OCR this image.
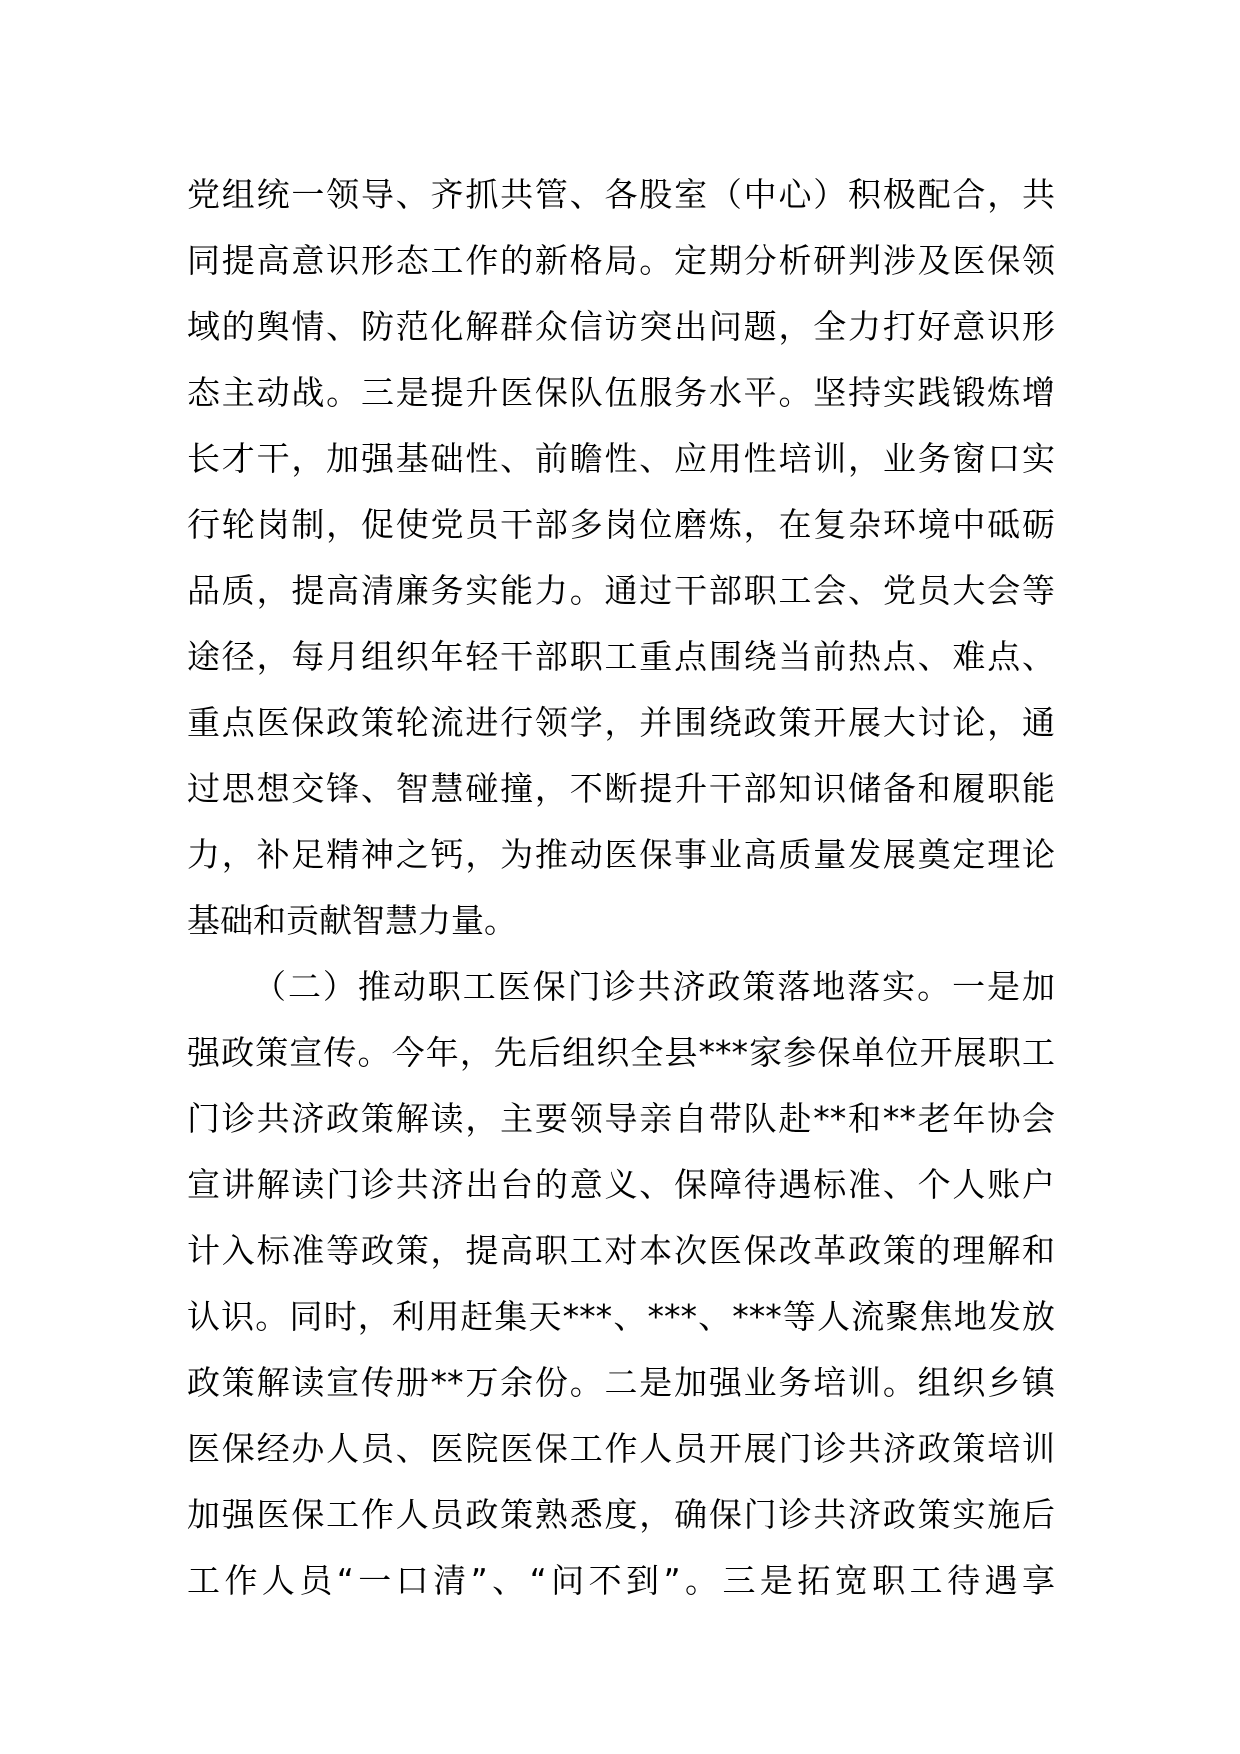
党组统一领导、齐抓共管、各股室（中心）积极配合，共
同提高意识形态工作的新格局。定期分析研判涉及医保领
域的舆情、防范化解群众信访突出问题，全力打好意识形
态主动战。三是提升医保队伍服务水平。坚持实践锻炼增
长才干，加强基础性、前瞻性、应用性培训，业务窗口实
行轮岗制，促使党员干部多岗位磨炼，在复杂环境中砥砺
品质，提高清廉务实能力。通过干部职工会、党员大会等
途径，每月组织年轻干部职工重点围绕当前热点、难点、
重点医保政策轮流进行领学，并围绕政策开展大讨论，通
过思想交锋、智慧碰撞，不断提升干部知识储备和履职能
力，补足精神之钙，为推动医保事业高质量发展奠定理论
基础和贡献智慧力量。
（二）推动职工医保门诊共济政策落地落实。一是加
强政策宣传。今年，先后组织全县***家参保单位开展职工
门诊共济政策解读，主要领导亲自带队赴**和**老年协会
宣讲解读门诊共济出台的意义、保障待遇标准、个人账户
计入标准等政策，提高职工对本次医保改革政策的理解和
认识。同时，利用赶集天***、***、***等人流聚焦地发放
政策解读宣传册**万余份。二是加强业务培训。组织乡镇
医保经办人员、医院医保工作人员开展门诊共济政策培训
加强医保工作人员政策熟悉度，确保门诊共济政策实施后
工作人员“一口清”、“问不到”。三是拓宽职工待遇享
